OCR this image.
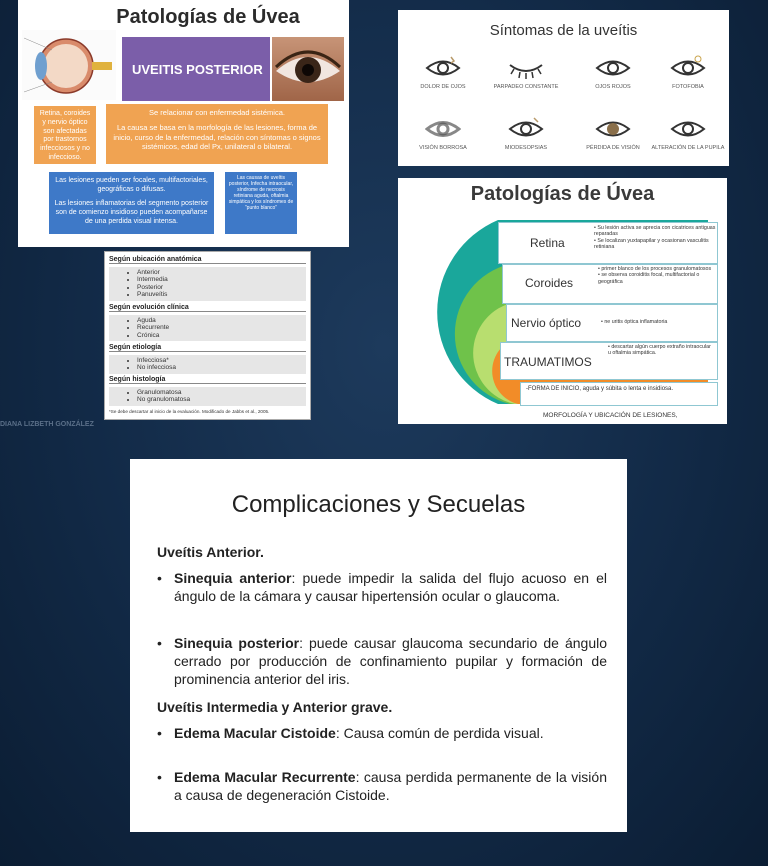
Patologías de Úvea
UVEITIS POSTERIOR
Retina, coroides y nervio óptico son afectadas por trastornos infecciosos y no infeccioso.
Se relacionar con enfermedad sistémica.
La causa se basa en la morfología de las lesiones, forma de inicio, curso de la enfermedad, relación con síntomas o signos sistémicos, edad del Px, unilateral o bilateral.
Las lesiones pueden ser focales, multifactoriales, geográficas o difusas.
Las lesiones inflamatorias del segmento posterior son de comienzo insidioso pueden acompañarse de una perdida visual intensa.
Las causas de uveítis posterior, Infecha intraocular, síndrome de necrosis retiniana aguda, oftalmia simpática y los síndromes de "punto blanco"
Síntomas de la uveítis
DOLOR DE OJOS	PARPADEO CONSTANTE	OJOS ROJOS	FOTOFOBIA
VISIÓN BORROSA	MIODESOPSIAS	PÉRDIDA DE VISIÓN	ALTERACIÓN DE LA PUPILA
Según ubicación anatómica
• Anterior
• Intermedia
• Posterior
• Panuveítis
Según evolución clínica
• Aguda
• Recurrente
• Crónica
Según etiología
• Infecciosa*
• No infecciosa
Según histología
• Granulomatosa
• No granulomatosa
*Se debe descartar al inicio de la evaluación. Modificado de Jabbs et al., 2005.
DIANA LIZBETH GONZÁLEZ
Patologías de Úvea
Retina
• Su lesión activa se aprecia con cicatrices antiguas reparadas
• Se localizan yuxtapapilar y ocasionan vasculitis retiniana
Coroides
• primer blanco de los procesos granulomatosos
• se observa coroiditis focal, multifactorial o geográfica
Nervio óptico	• ne uritis óptica inflamatoria
TRAUMATIMOS
• descartar algún cuerpo extraño intraocular u oftalmia simpática.
-FORMA DE INICIO, aguda y súbita o lenta e insidiosa.
MORFOLOGÍA Y UBICACIÓN DE LESIONES,
Complicaciones y Secuelas
Uveítis Anterior.
• Sinequia anterior: puede impedir la salida del flujo acuoso en el ángulo de la cámara y causar hipertensión ocular o glaucoma.
• Sinequia posterior: puede causar glaucoma secundario de ángulo cerrado por producción de confinamiento pupilar y formación de prominencia anterior del iris.
Uveítis Intermedia y Anterior grave.
• Edema Macular Cistoide: Causa común de perdida visual.
• Edema Macular Recurrente: causa perdida permanente de la visión a causa de degeneración Cistoide.
